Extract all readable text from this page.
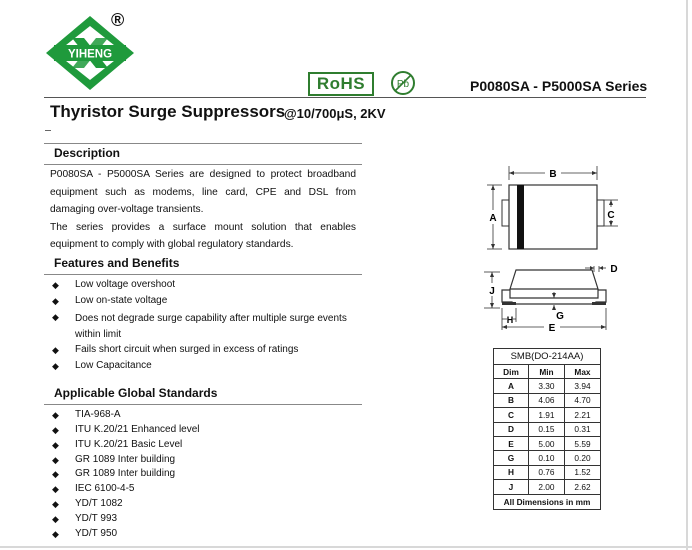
YIHENG
®
RoHS	Pb	P0080SA - P5000SA Series
Thyristor Surge Suppressors
@10/700μS, 2KV
Description
P0080SA - P5000SA Series are designed to protect broadband
equipment such as modems, line card, CPE and DSL from
damaging over-voltage transients.
The series provides a surface mount solution that enables
equipment to comply with global regulatory standards.
Features and Benefits
◆ Low voltage overshoot
◆ Low on-state voltage
◆ Does not degrade surge capability after multiple surge events within limit
◆ Fails short circuit when surged in excess of ratings
◆ Low Capacitance
Applicable Global Standards
◆ TIA-968-A
◆ ITU K.20/21 Enhanced level
◆ ITU K.20/21 Basic Level
◆ GR 1089 Inter building
◆ GR 1089 Inter building
◆ IEC 6100-4-5
◆ YD/T 1082
◆ YD/T 993
◆ YD/T 950
B
A	C
J
D
G
H
E
SMB(DO-214AA)		
Dim	Min	Max
A	3.30	3.94
B	4.06	4.70
C	1.91	2.21
D	0.15	0.31
E	5.00	5.59
G	0.10	0.20
H	0.76	1.52
J	2.00	2.62
All Dimensions in mm		
